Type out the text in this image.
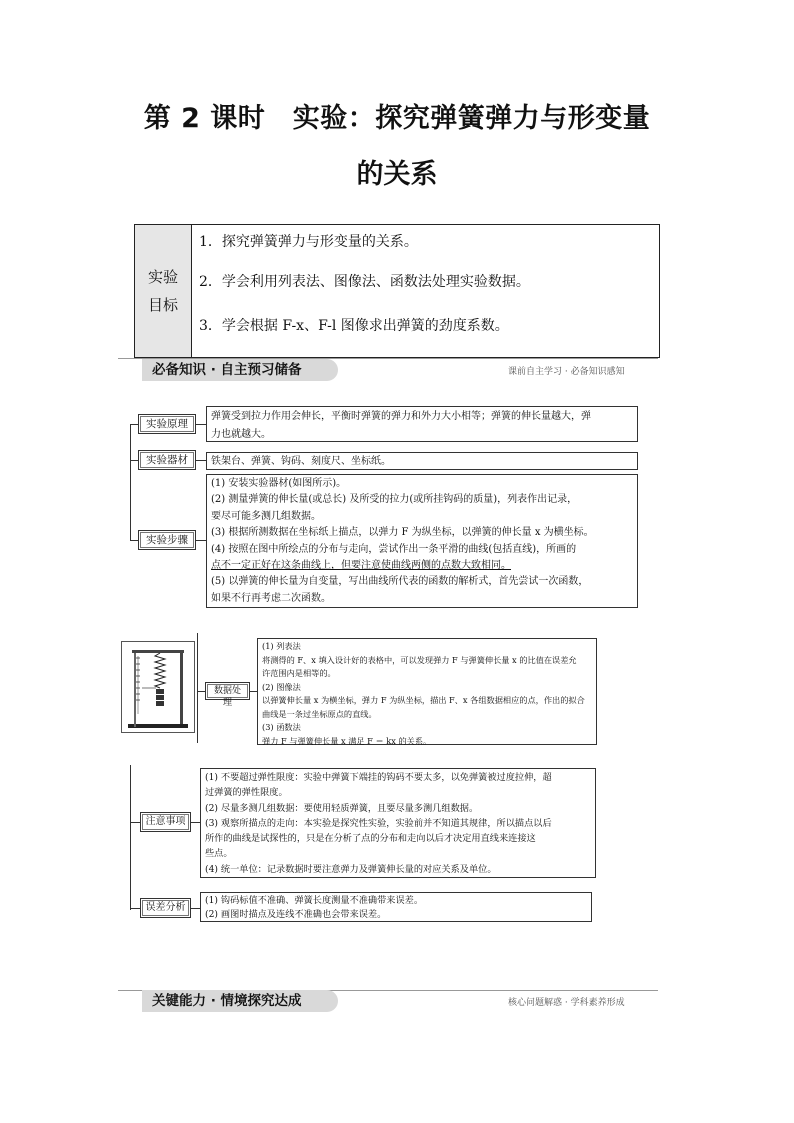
第 2 课时　实验：探究弹簧弹力与形变量
的关系
实验
目标
1．探究弹簧弹力与形变量的关系。
2．学会利用列表法、图像法、函数法处理实验数据。
3．学会根据 F-x、F-l 图像求出弹簧的劲度系数。
必备知识 · 自主预习储备	课前自主学习 · 必备知识感知
实验原理
弹簧受到拉力作用会伸长，平衡时弹簧的弹力和外力大小相等；弹簧的伸长量越大，弹
力也就越大。
实验器材	铁架台、弹簧、钩码、刻度尺、坐标纸。
实验步骤
(1) 安装实验器材(如图所示)。
(2) 测量弹簧的伸长量(或总长) 及所受的拉力(或所挂钩码的质量)，列表作出记录，
要尽可能多测几组数据。
(3) 根据所测数据在坐标纸上描点，以弹力 F 为纵坐标，以弹簧的伸长量 x 为横坐标。
(4) 按照在图中所绘点的分布与走向，尝试作出一条平滑的曲线(包括直线)，所画的
点不一定正好在这条曲线上，但要注意使曲线两侧的点数大致相同。
(5) 以弹簧的伸长量为自变量，写出曲线所代表的函数的解析式，首先尝试一次函数，
如果不行再考虑二次函数。
数据处理
(1) 列表法
将测得的 F、x 填入设计好的表格中，可以发现弹力 F 与弹簧伸长量 x 的比值在误差允
许范围内是相等的。
(2) 图像法
以弹簧伸长量 x 为横坐标，弹力 F 为纵坐标，描出 F、x 各组数据相应的点，作出的拟合
曲线是一条过坐标原点的直线。
(3) 函数法
弹力 F 与弹簧伸长量 x 满足 F ＝ kx 的关系。
注意事项
(1) 不要超过弹性限度：实验中弹簧下端挂的钩码不要太多，以免弹簧被过度拉伸，超
过弹簧的弹性限度。
(2) 尽量多测几组数据：要使用轻质弹簧，且要尽量多测几组数据。
(3) 观察所描点的走向：本实验是探究性实验，实验前并不知道其规律，所以描点以后
所作的曲线是试探性的，只是在分析了点的分布和走向以后才决定用直线来连接这
些点。
(4) 统一单位：记录数据时要注意弹力及弹簧伸长量的对应关系及单位。
误差分析
(1) 钩码标值不准确、弹簧长度测量不准确带来误差。
(2) 画图时描点及连线不准确也会带来误差。
关键能力 · 情境探究达成	核心问题解惑 · 学科素养形成
